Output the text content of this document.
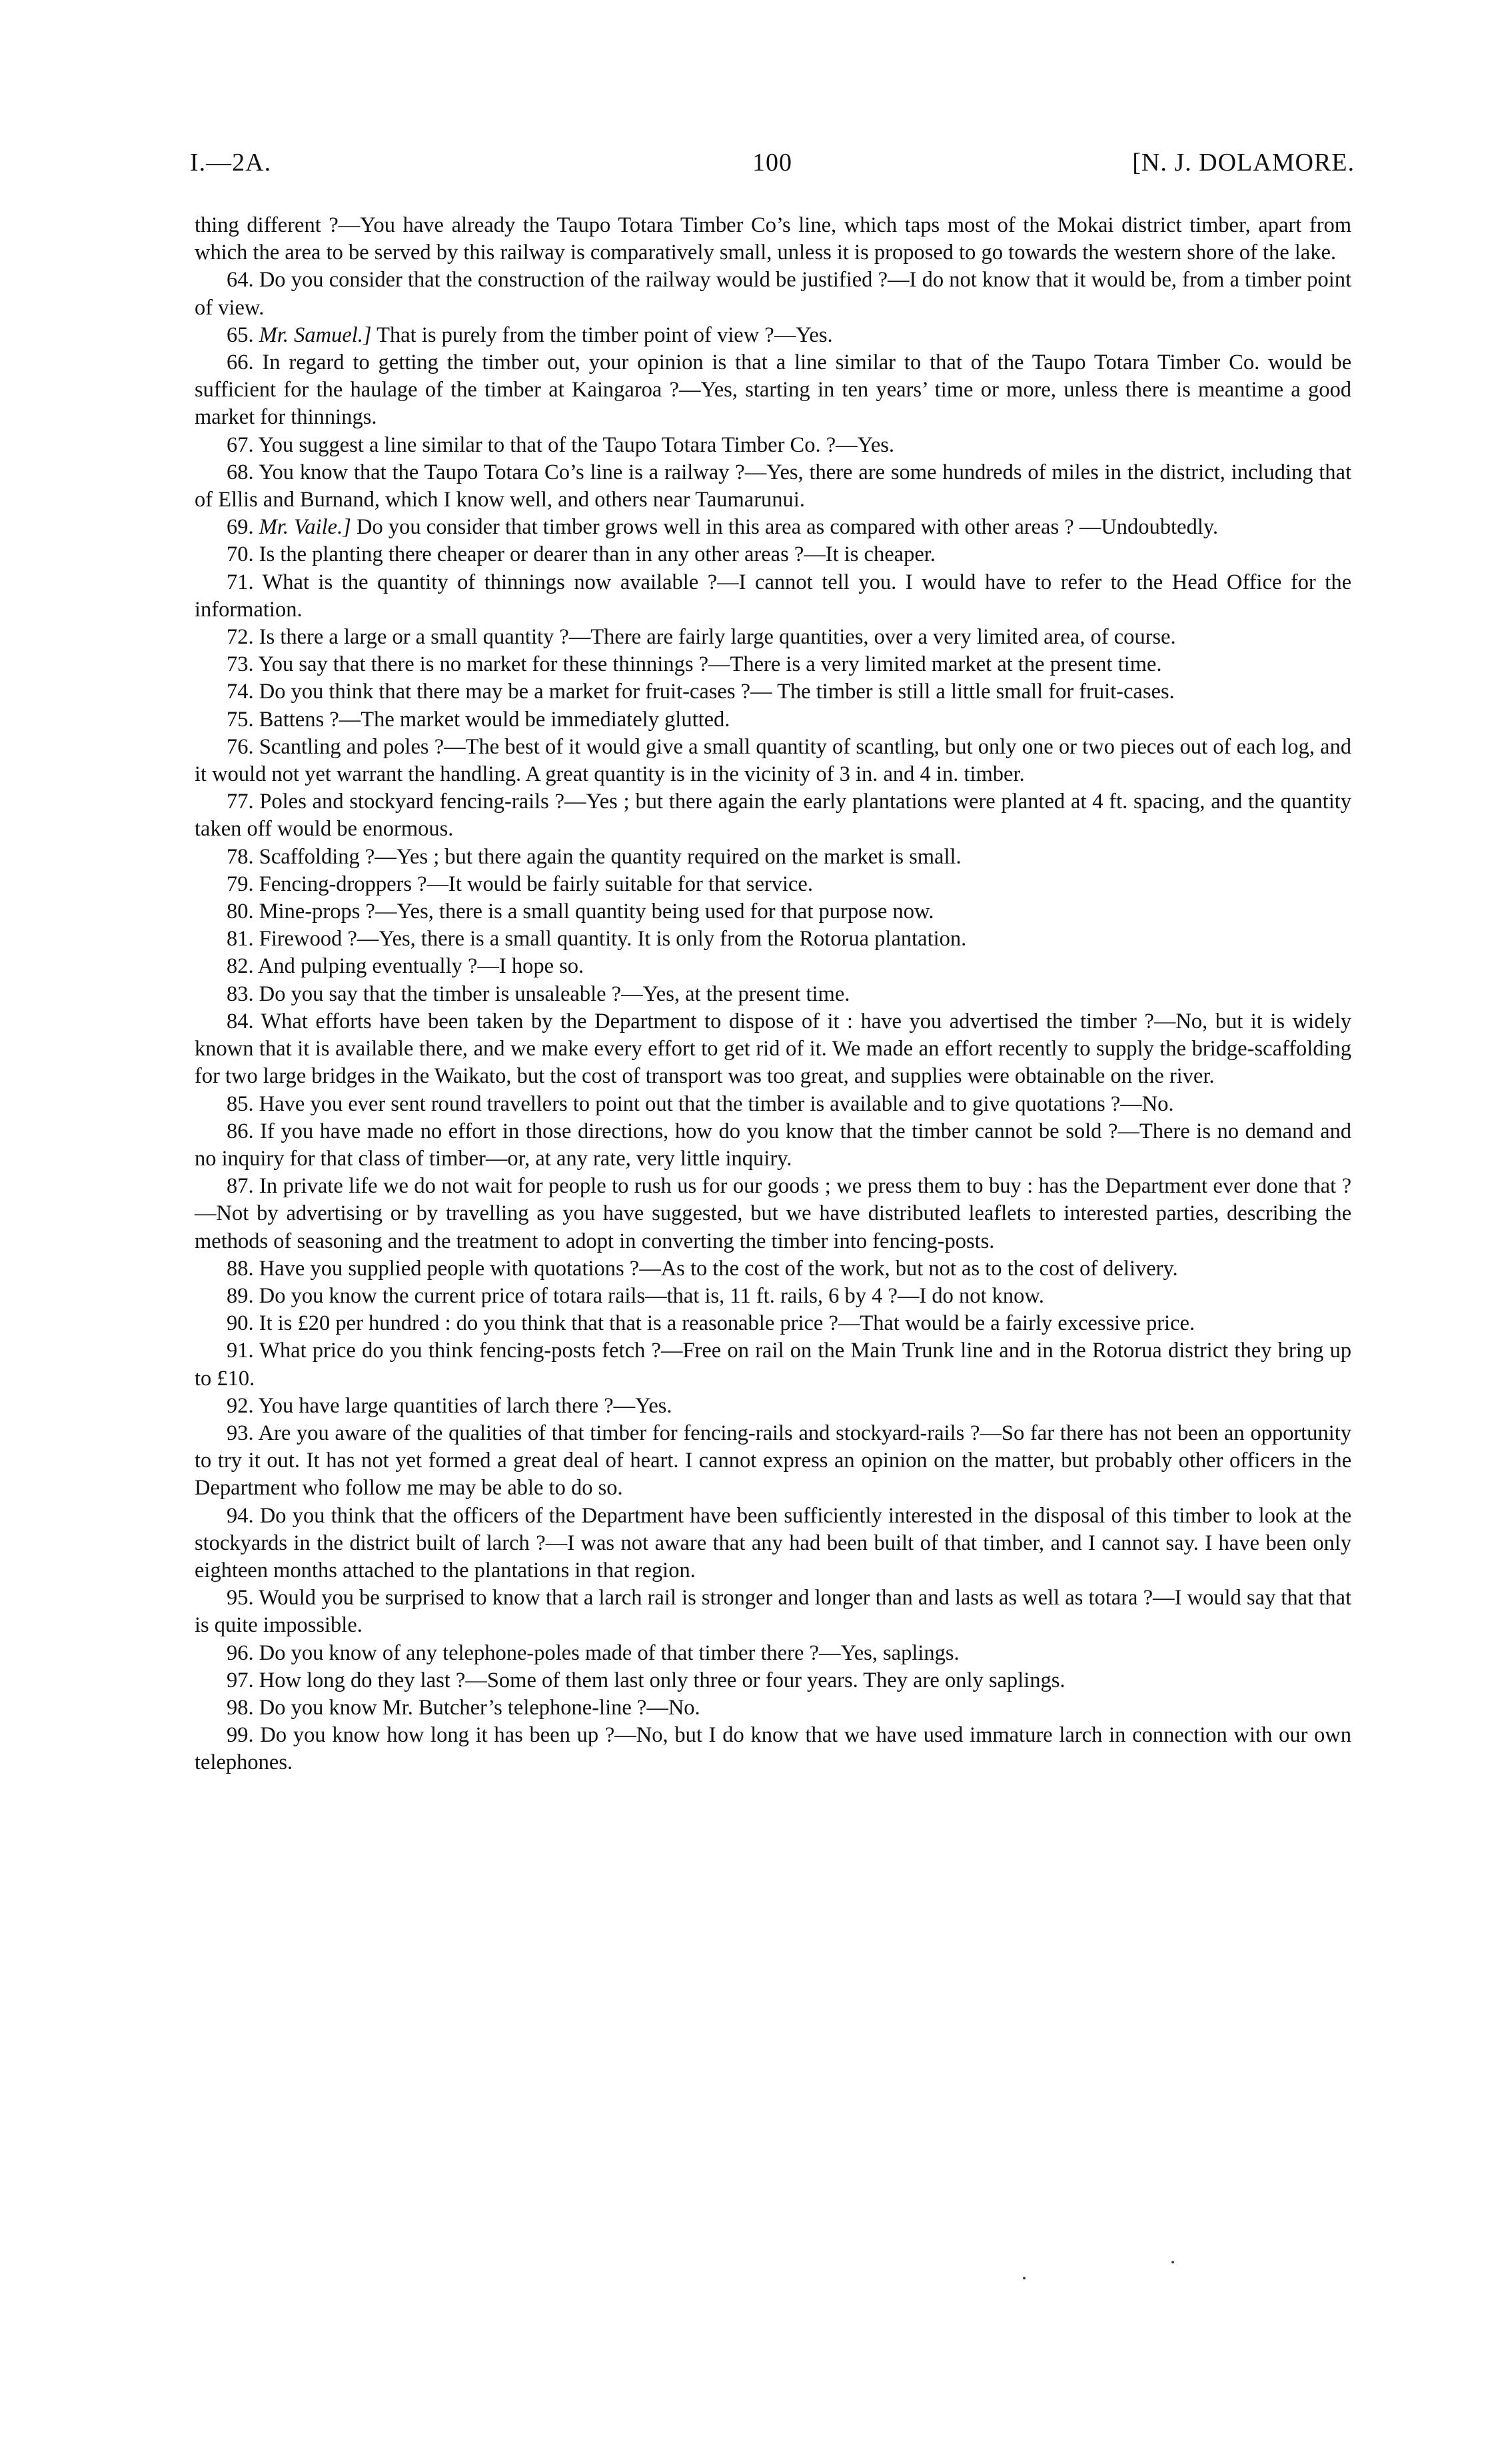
I.—2A.	100	[N. J. DOLAMORE.

thing different ?—You have already the Taupo Totara Timber Co’s line, which taps most of the Mokai district timber, apart from which the area to be served by this railway is comparatively small, unless it is proposed to go towards the western shore of the lake.

64. Do you consider that the construction of the railway would be justified ?—I do not know that it would be, from a timber point of view.

65. Mr. Samuel.] That is purely from the timber point of view ?—Yes.

66. In regard to getting the timber out, your opinion is that a line similar to that of the Taupo Totara Timber Co. would be sufficient for the haulage of the timber at Kaingaroa ?—Yes, starting in ten years’ time or more, unless there is meantime a good market for thinnings.

67. You suggest a line similar to that of the Taupo Totara Timber Co. ?—Yes.

68. You know that the Taupo Totara Co’s line is a railway ?—Yes, there are some hundreds of miles in the district, including that of Ellis and Burnand, which I know well, and others near Taumarunui.

69. Mr. Vaile.] Do you consider that timber grows well in this area as compared with other areas ? —Undoubtedly.

70. Is the planting there cheaper or dearer than in any other areas ?—It is cheaper.

71. What is the quantity of thinnings now available ?—I cannot tell you. I would have to refer to the Head Office for the information.

72. Is there a large or a small quantity ?—There are fairly large quantities, over a very limited area, of course.

73. You say that there is no market for these thinnings ?—There is a very limited market at the present time.

74. Do you think that there may be a market for fruit-cases ?— The timber is still a little small for fruit-cases.

75. Battens ?—The market would be immediately glutted.

76. Scantling and poles ?—The best of it would give a small quantity of scantling, but only one or two pieces out of each log, and it would not yet warrant the handling. A great quantity is in the vicinity of 3 in. and 4 in. timber.

77. Poles and stockyard fencing-rails ?—Yes ; but there again the early plantations were planted at 4 ft. spacing, and the quantity taken off would be enormous.

78. Scaffolding ?—Yes ; but there again the quantity required on the market is small.

79. Fencing-droppers ?—It would be fairly suitable for that service.

80. Mine-props ?—Yes, there is a small quantity being used for that purpose now.

81. Firewood ?—Yes, there is a small quantity. It is only from the Rotorua plantation.

82. And pulping eventually ?—I hope so.

83. Do you say that the timber is unsaleable ?—Yes, at the present time.

84. What efforts have been taken by the Department to dispose of it : have you advertised the timber ?—No, but it is widely known that it is available there, and we make every effort to get rid of it. We made an effort recently to supply the bridge-scaffolding for two large bridges in the Waikato, but the cost of transport was too great, and supplies were obtainable on the river.

85. Have you ever sent round travellers to point out that the timber is available and to give quotations ?—No.

86. If you have made no effort in those directions, how do you know that the timber cannot be sold ?—There is no demand and no inquiry for that class of timber—or, at any rate, very little inquiry.

87. In private life we do not wait for people to rush us for our goods ; we press them to buy : has the Department ever done that ?—Not by advertising or by travelling as you have suggested, but we have distributed leaflets to interested parties, describing the methods of seasoning and the treatment to adopt in converting the timber into fencing-posts.

88. Have you supplied people with quotations ?—As to the cost of the work, but not as to the cost of delivery.

89. Do you know the current price of totara rails—that is, 11 ft. rails, 6 by 4 ?—I do not know.

90. It is £20 per hundred : do you think that that is a reasonable price ?—That would be a fairly excessive price.

91. What price do you think fencing-posts fetch ?—Free on rail on the Main Trunk line and in the Rotorua district they bring up to £10.

92. You have large quantities of larch there ?—Yes.

93. Are you aware of the qualities of that timber for fencing-rails and stockyard-rails ?—So far there has not been an opportunity to try it out. It has not yet formed a great deal of heart. I cannot express an opinion on the matter, but probably other officers in the Department who follow me may be able to do so.

94. Do you think that the officers of the Department have been sufficiently interested in the disposal of this timber to look at the stockyards in the district built of larch ?—I was not aware that any had been built of that timber, and I cannot say. I have been only eighteen months attached to the plantations in that region.

95. Would you be surprised to know that a larch rail is stronger and longer than and lasts as well as totara ?—I would say that that is quite impossible.

96. Do you know of any telephone-poles made of that timber there ?—Yes, saplings.

97. How long do they last ?—Some of them last only three or four years. They are only saplings.

98. Do you know Mr. Butcher’s telephone-line ?—No.

99. Do you know how long it has been up ?—No, but I do know that we have used immature larch in connection with our own telephones.
